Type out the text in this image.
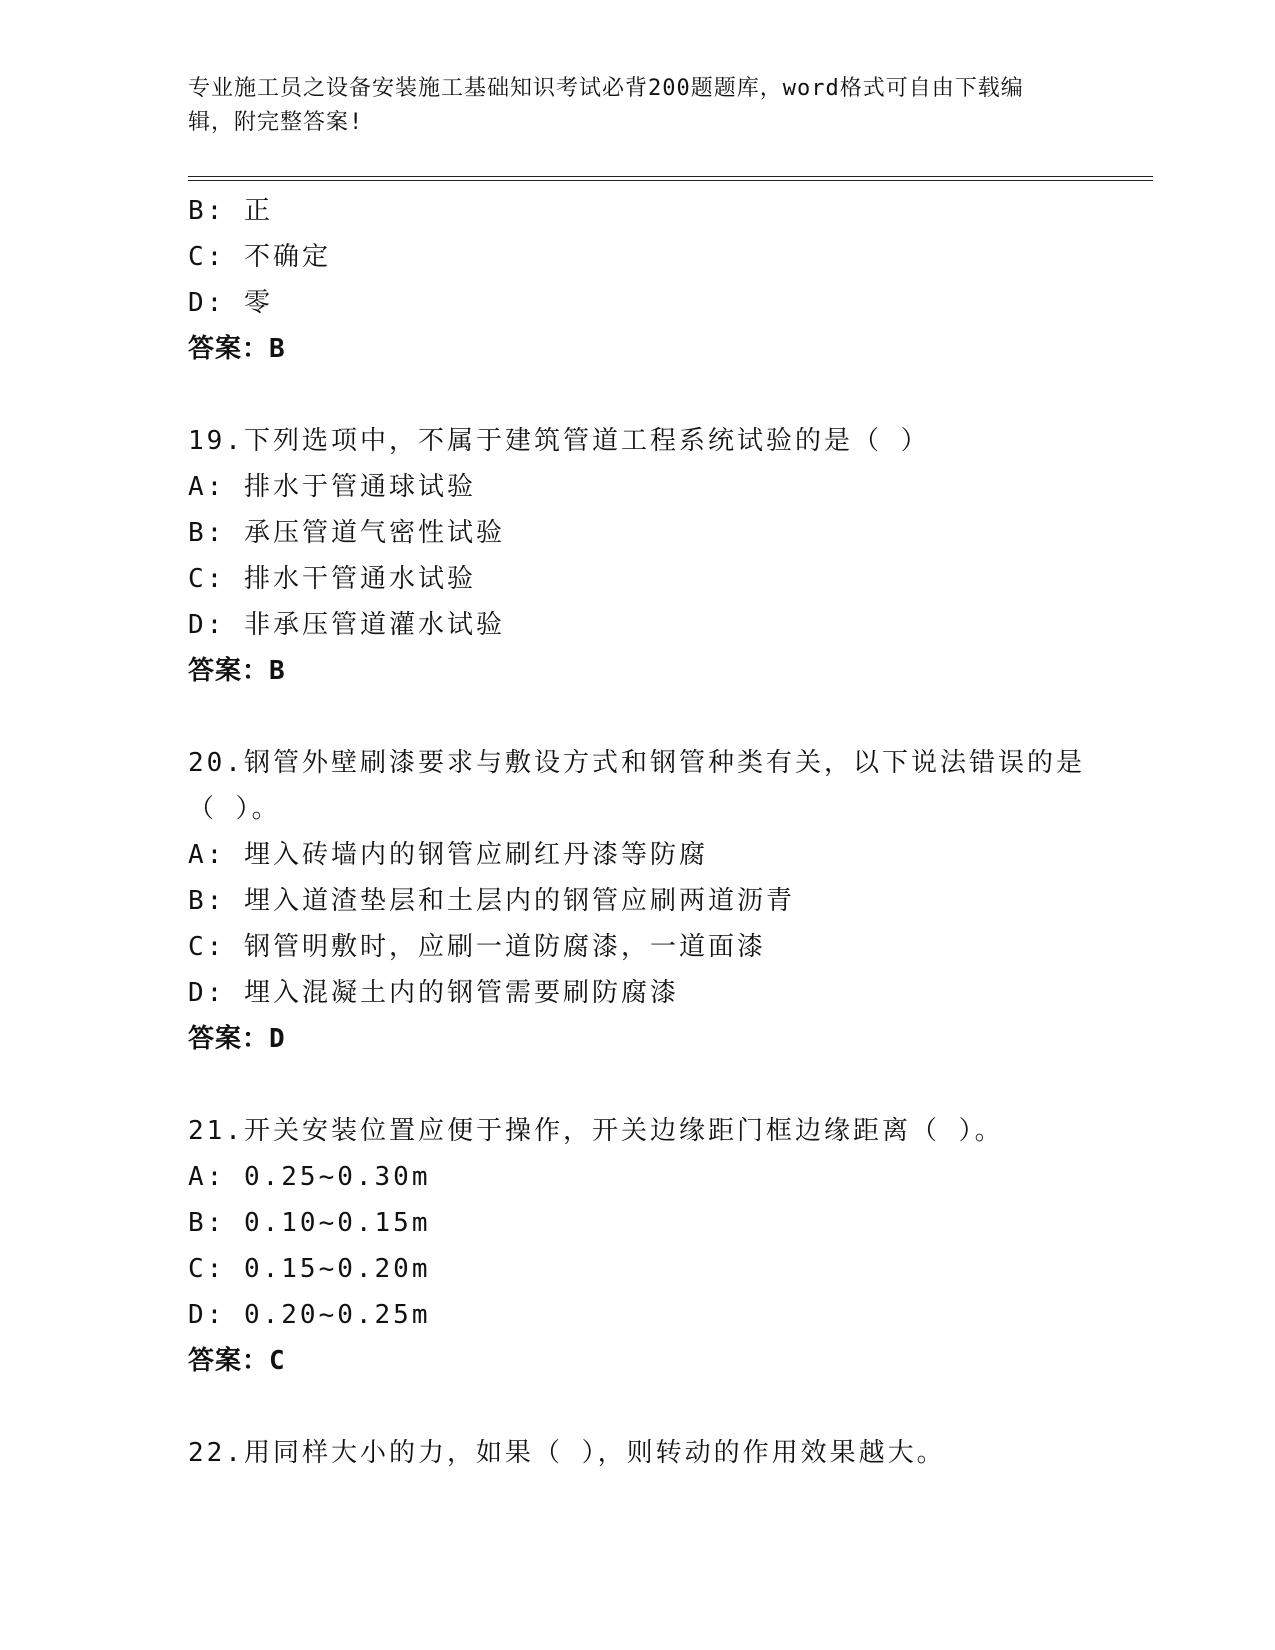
专业施工员之设备安装施工基础知识考试必背200题题库，word格式可自由下载编辑，附完整答案!
B: 正
C: 不确定
D: 零
答案：B
19.下列选项中，不属于建筑管道工程系统试验的是（ ）
A: 排水于管通球试验
B: 承压管道气密性试验
C: 排水干管通水试验
D: 非承压管道灌水试验
答案：B
20.钢管外壁刷漆要求与敷设方式和钢管种类有关，以下说法错误的是
（ ）。
A: 埋入砖墙内的钢管应刷红丹漆等防腐
B: 埋入道渣垫层和土层内的钢管应刷两道沥青
C: 钢管明敷时，应刷一道防腐漆，一道面漆
D: 埋入混凝土内的钢管需要刷防腐漆
答案：D
21.开关安装位置应便于操作，开关边缘距门框边缘距离（ ）。
A: 0.25~0.30m
B: 0.10~0.15m
C: 0.15~0.20m
D: 0.20~0.25m
答案：C
22.用同样大小的力，如果（ ），则转动的作用效果越大。
